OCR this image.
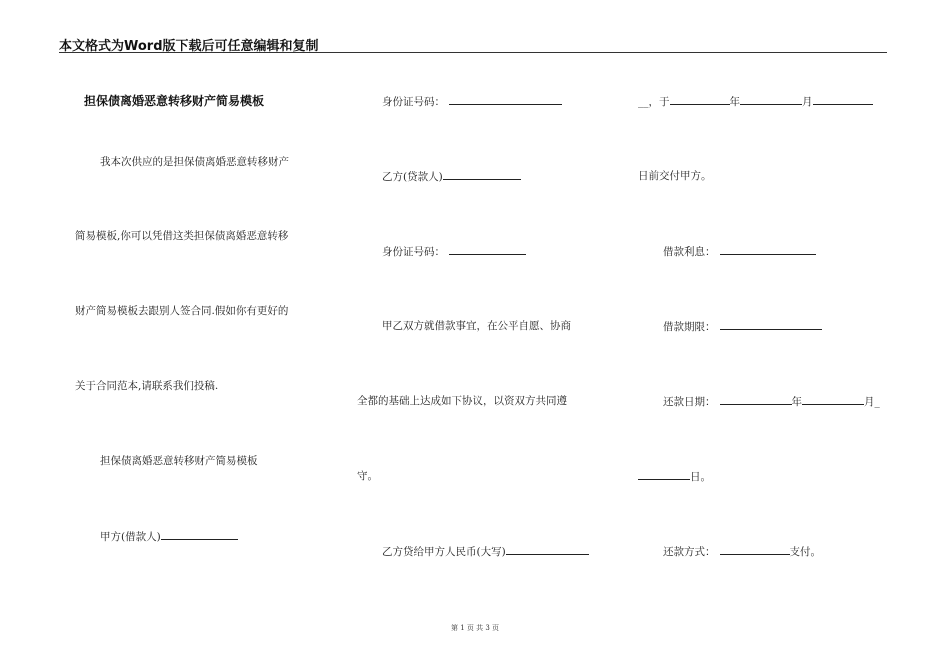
本文格式为Word版下载后可任意编辑和复制
担保债离婚恶意转移财产简易模板
我本次供应的是担保债离婚恶意转移财产
简易模板,你可以凭借这类担保债离婚恶意转移
财产简易模板去跟别人签合同.假如你有更好的
关于合同范本,请联系我们投稿.
担保债离婚恶意转移财产简易模板
甲方(借款人)
身份证号码：
乙方(贷款人)
身份证号码：
甲乙双方就借款事宜，在公平自愿、协商
全都的基础上达成如下协议，以资双方共同遵
守。
乙方贷给甲方人民币(大写)
__，于	年	月
日前交付甲方。
借款利息：
借款期限：
还款日期：	年	月_
日。
还款方式：	支付。
第 1 页 共 3 页
